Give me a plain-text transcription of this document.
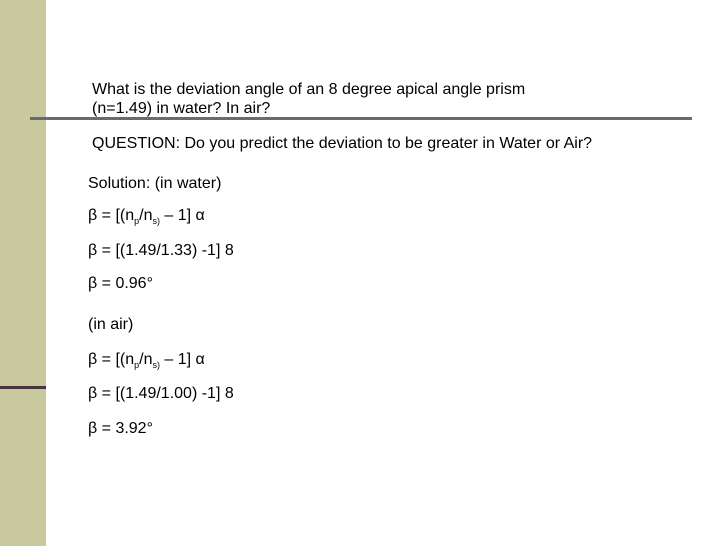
What is the deviation angle of an 8 degree apical angle prism
(n=1.49) in water? In air?
QUESTION: Do you predict the deviation to be greater in Water or Air?
Solution: (in water)
$\beta = [(n_p/n_{s)} - 1]$ α
β = [(1.49/1.33) -1] 8
β = 0.96°
(in air)
$\beta = [(n_p/n_{s)} - 1]$ α
β = [(1.49/1.00) -1] 8
β = 3.92°
